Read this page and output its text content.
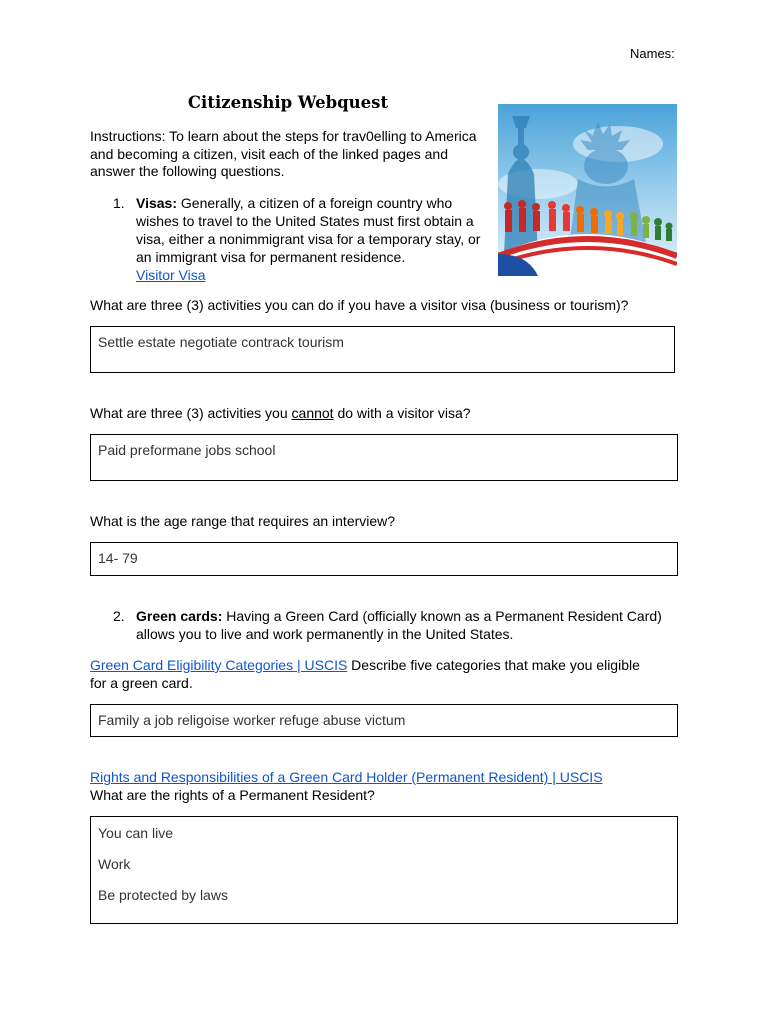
Names:
Citizenship Webquest
Instructions: To learn about the steps for trav0elling to America and becoming a citizen, visit each of the linked pages and answer the following questions.
1. Visas: Generally, a citizen of a foreign country who wishes to travel to the United States must first obtain a visa, either a nonimmigrant visa for a temporary stay, or an immigrant visa for permanent residence.
Visitor Visa
What are three (3) activities you can do if you have a visitor visa (business or tourism)?
Settle estate negotiate contrack tourism
What are three (3) activities you cannot do with a visitor visa?
Paid preformane jobs school
What is the age range that requires an interview?
14- 79
2. Green cards: Having a Green Card (officially known as a Permanent Resident Card) allows you to live and work permanently in the United States.
Green Card Eligibility Categories | USCIS Describe five categories that make you eligible for a green card.
Family a job religoise worker refuge abuse victum
Rights and Responsibilities of a Green Card Holder (Permanent Resident) | USCIS
What are the rights of a Permanent Resident?

You can live

Work

Be protected by laws
